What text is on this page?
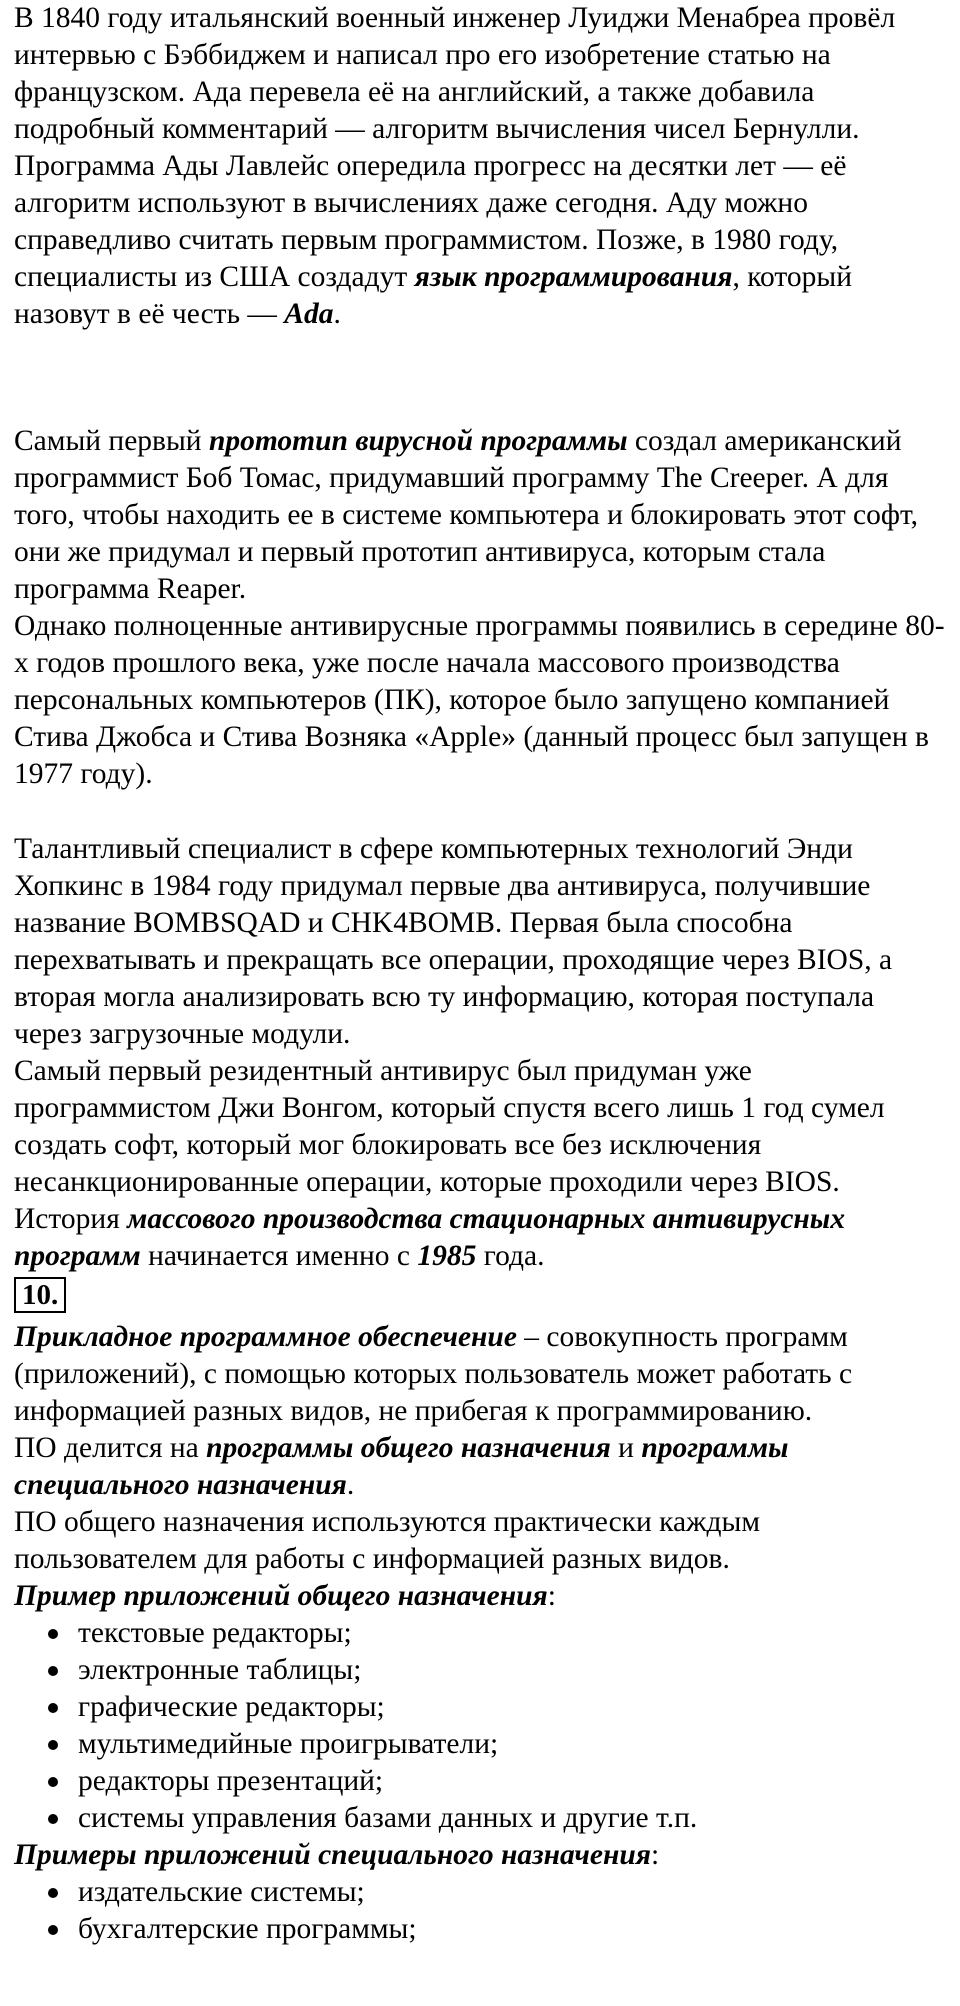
В 1840 году итальянский военный инженер Луиджи Менабреа провёл интервью с Бэббиджем и написал про его изобретение статью на французском. Ада перевела её на английский, а также добавила подробный комментарий — алгоритм вычисления чисел Бернулли.

Программа Ады Лавлейс опередила прогресс на десятки лет — её алгоритм используют в вычислениях даже сегодня. Аду можно справедливо считать первым программистом. Позже, в 1980 году, специалисты из США создадут язык программирования, который назовут в её честь — Ada.

Самый первый прототип вирусной программы создал американский программист Боб Томас, придумавший программу The Creeper. А для того, чтобы находить ее в системе компьютера и блокировать этот софт, они же придумал и первый прототип антивируса, которым стала программа Reaper.

Однако полноценные антивирусные программы появились в середине 80-х годов прошлого века, уже после начала массового производства персональных компьютеров (ПК), которое было запущено компанией Стива Джобса и Стива Возняка «Apple» (данный процесс был запущен в 1977 году).

Талантливый специалист в сфере компьютерных технологий Энди Хопкинс в 1984 году придумал первые два антивируса, получившие название BOMBSQAD и CHK4BOMB. Первая была способна перехватывать и прекращать все операции, проходящие через BIOS, а вторая могла анализировать всю ту информацию, которая поступала через загрузочные модули.

Самый первый резидентный антивирус был придуман уже программистом Джи Вонгом, который спустя всего лишь 1 год сумел создать софт, который мог блокировать все без исключения несанкционированные операции, которые проходили через BIOS.

История массового производства стационарных антивирусных программ начинается именно с 1985 года.

10.

Прикладное программное обеспечение – совокупность программ (приложений), с помощью которых пользователь может работать с информацией разных видов, не прибегая к программированию.

ПО делится на программы общего назначения и программы специального назначения.

ПО общего назначения используются практически каждым пользователем для работы с информацией разных видов.

Пример приложений общего назначения:

текстовые редакторы;
электронные таблицы;
графические редакторы;
мультимедийные проигрыватели;
редакторы презентаций;
системы управления базами данных и другие т.п.

Примеры приложений специального назначения:

издательские системы;
бухгалтерские программы;
